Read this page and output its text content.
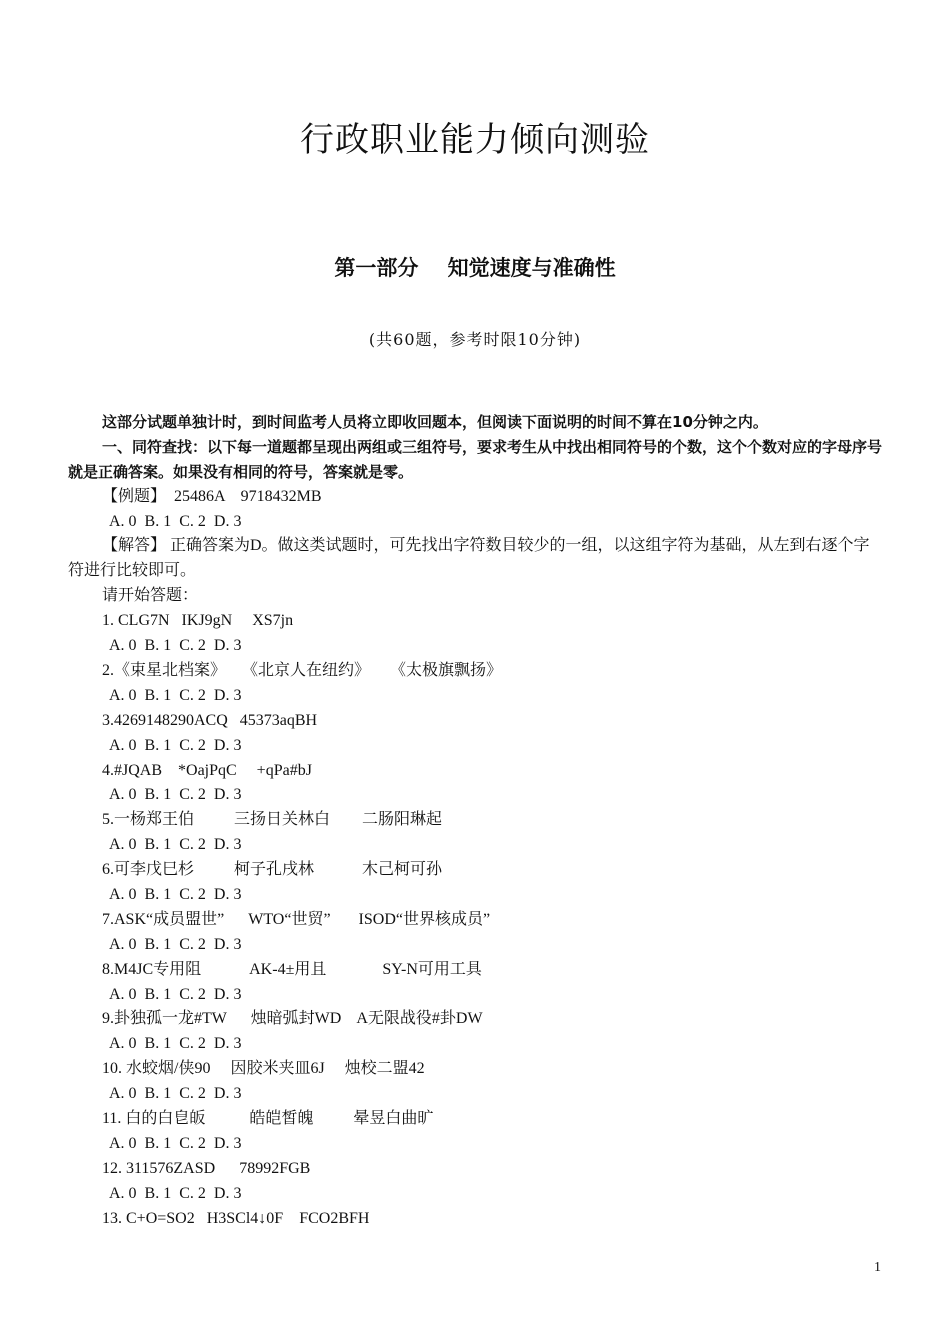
行政职业能力倾向测验
第一部分    知觉速度与准确性
(共60题，参考时限10分钟)
这部分试题单独计时，到时间监考人员将立即收回题本，但阅读下面说明的时间不算在10分钟之内。
一、同符查找：以下每一道题都呈现出两组或三组符号，要求考生从中找出相同符号的个数，这个个数对应的字母序号就是正确答案。如果没有相同的符号，答案就是零。
【例题】  25486A    9718432MB
A. 0  B. 1  C. 2  D. 3
【解答】 正确答案为D。做这类试题时，可先找出字符数目较少的一组，以这组字符为基础，从左到右逐个字符进行比较即可。
请开始答题：
1. CLG7N   IKJ9gN     XS7jn
A. 0  B. 1  C. 2  D. 3
2.《束星北档案》    《北京人在纽约》     《太极旗飘扬》
A. 0  B. 1  C. 2  D. 3
3.4269148290ACQ   45373aqBH
A. 0  B. 1  C. 2  D. 3
4.#JQAB    *OajPqC     +qPa#bJ
A. 0  B. 1  C. 2  D. 3
5.一杨郑王伯          三扬日关林白        二肠阳琳起
A. 0  B. 1  C. 2  D. 3
6.可李戊巳杉          柯子孔戌林            木己柯可孙
A. 0  B. 1  C. 2  D. 3
7.ASK“成员盟世”      WTO“世贸”       ISOD“世界核成员”
A. 0  B. 1  C. 2  D. 3
8.M4JC专用阻            AK-4±用且              SY-N可用工具
A. 0  B. 1  C. 2  D. 3
9.卦独孤一龙#TW      烛暗弧封WD    A无限战役#卦DW
A. 0  B. 1  C. 2  D. 3
10. 水蛟烟/侠90     因胶米夹皿6J     烛校二盟42
A. 0  B. 1  C. 2  D. 3
11. 白的白皀皈           皓皑皙魄          晕昱白曲旷
A. 0  B. 1  C. 2  D. 3
12. 311576ZASD      78992FGB
A. 0  B. 1  C. 2  D. 3
13. C+O=SO2   H3SCl4↓0F    FCO2BFH
1
